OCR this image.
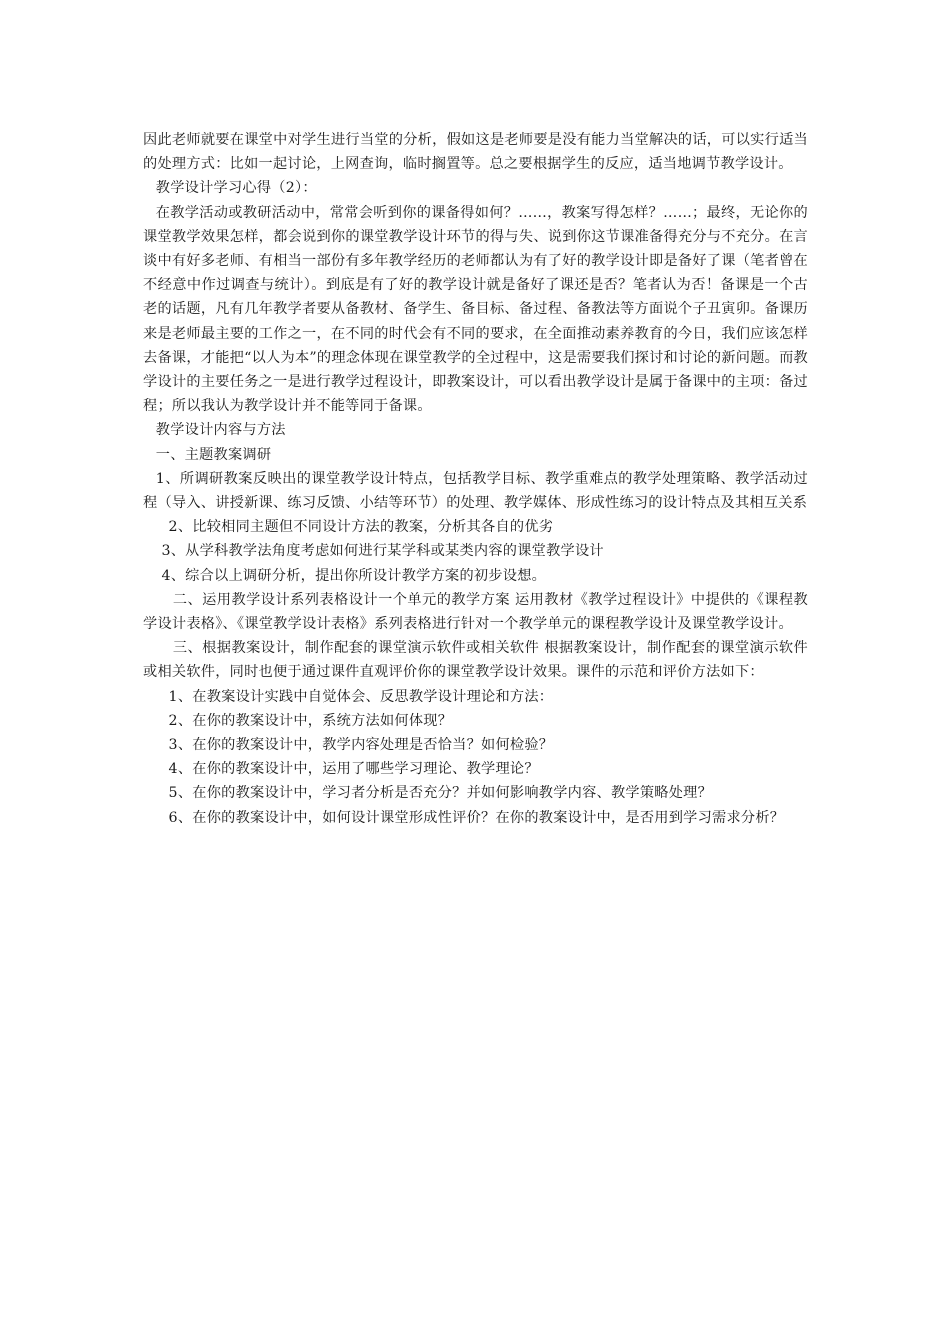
因此老师就要在课堂中对学生进行当堂的分析，假如这是老师要是没有能力当堂解决的话，可以实行适当的处理方式：比如一起讨论，上网查询，临时搁置等。总之要根据学生的反应，适当地调节教学设计。

教学设计学习心得（2）：

在教学活动或教研活动中，常常会听到你的课备得如何？……，教案写得怎样？……；最终，无论你的课堂教学效果怎样，都会说到你的课堂教学设计环节的得与失、说到你这节课准备得充分与不充分。在言谈中有好多老师、有相当一部份有多年教学经历的老师都认为有了好的教学设计即是备好了课（笔者曾在不经意中作过调查与统计）。到底是有了好的教学设计就是备好了课还是否？笔者认为否！备课是一个古老的话题，凡有几年教学者要从备教材、备学生、备目标、备过程、备教法等方面说个子丑寅卯。备课历来是老师最主要的工作之一，在不同的时代会有不同的要求，在全面推动素养教育的今日，我们应该怎样去备课，才能把“以人为本”的理念体现在课堂教学的全过程中，这是需要我们探讨和讨论的新问题。而教学设计的主要任务之一是进行教学过程设计，即教案设计，可以看出教学设计是属于备课中的主项：备过程；所以我认为教学设计并不能等同于备课。

教学设计内容与方法

一、主题教案调研

1、所调研教案反映出的课堂教学设计特点，包括教学目标、教学重难点的教学处理策略、教学活动过程（导入、讲授新课、练习反馈、小结等环节）的处理、教学媒体、形成性练习的设计特点及其相互关系

2、比较相同主题但不同设计方法的教案，分析其各自的优劣

3、从学科教学法角度考虑如何进行某学科或某类内容的课堂教学设计

4、综合以上调研分析，提出你所设计教学方案的初步设想。

二、运用教学设计系列表格设计一个单元的教学方案 运用教材《教学过程设计》中提供的《课程教学设计表格》、《课堂教学设计表格》系列表格进行针对一个教学单元的课程教学设计及课堂教学设计。

三、根据教案设计，制作配套的课堂演示软件或相关软件 根据教案设计，制作配套的课堂演示软件或相关软件，同时也便于通过课件直观评价你的课堂教学设计效果。课件的示范和评价方法如下：

1、在教案设计实践中自觉体会、反思教学设计理论和方法：

2、在你的教案设计中，系统方法如何体现？

3、在你的教案设计中，教学内容处理是否恰当？如何检验？

4、在你的教案设计中，运用了哪些学习理论、教学理论？

5、在你的教案设计中，学习者分析是否充分？并如何影响教学内容、教学策略处理？

6、在你的教案设计中，如何设计课堂形成性评价？在你的教案设计中，是否用到学习需求分析？
